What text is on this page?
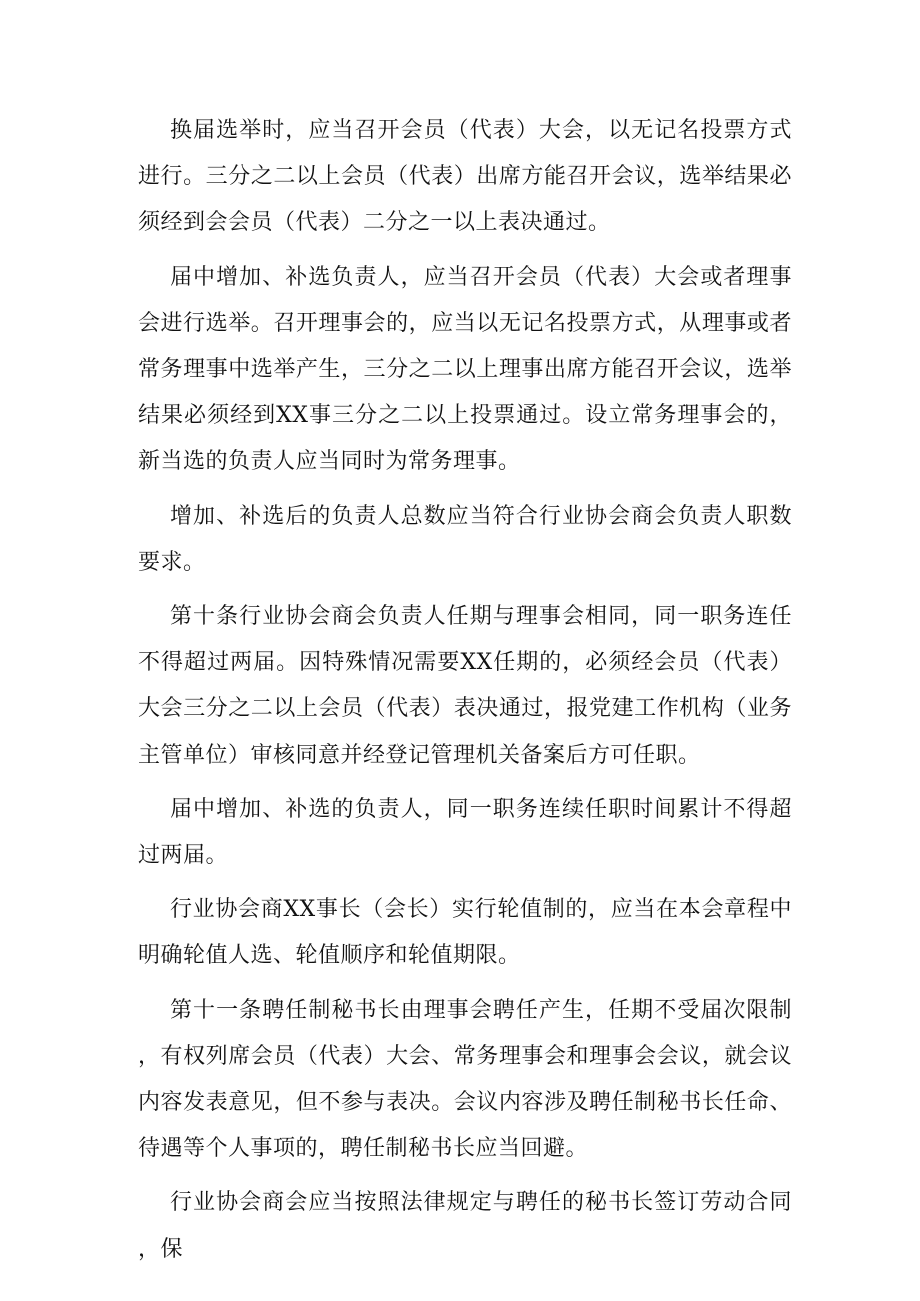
换届选举时，应当召开会员（代表）大会，以无记名投票方式进行。三分之二以上会员（代表）出席方能召开会议，选举结果必须经到会会员（代表）二分之一以上表决通过。

届中增加、补选负责人，应当召开会员（代表）大会或者理事会进行选举。召开理事会的，应当以无记名投票方式，从理事或者常务理事中选举产生，三分之二以上理事出席方能召开会议，选举结果必须经到XX事三分之二以上投票通过。设立常务理事会的，新当选的负责人应当同时为常务理事。

增加、补选后的负责人总数应当符合行业协会商会负责人职数要求。

第十条行业协会商会负责人任期与理事会相同，同一职务连任不得超过两届。因特殊情况需要XX任期的，必须经会员（代表）大会三分之二以上会员（代表）表决通过，报党建工作机构（业务主管单位）审核同意并经登记管理机关备案后方可任职。

届中增加、补选的负责人，同一职务连续任职时间累计不得超过两届。

行业协会商XX事长（会长）实行轮值制的，应当在本会章程中明确轮值人选、轮值顺序和轮值期限。

第十一条聘任制秘书长由理事会聘任产生，任期不受届次限制，有权列席会员（代表）大会、常务理事会和理事会会议，就会议内容发表意见，但不参与表决。会议内容涉及聘任制秘书长任命、待遇等个人事项的，聘任制秘书长应当回避。

行业协会商会应当按照法律规定与聘任的秘书长签订劳动合同，保
